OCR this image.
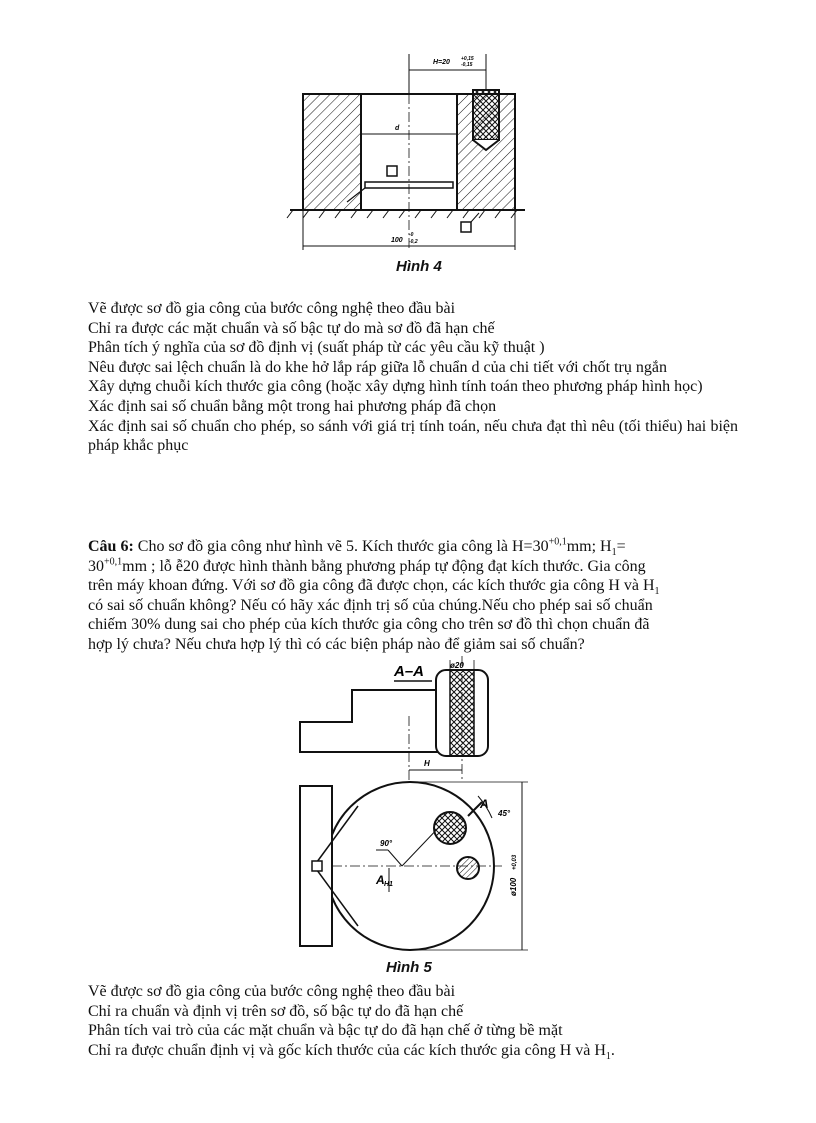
H=20 +0,15
-0,15
d
100
-0
-0,2
Hình 4
Vẽ được sơ đồ gia công của bước công nghệ theo đầu bài
Chỉ ra được các mặt chuẩn và số bậc tự do mà sơ đồ đã hạn chế
Phân tích ý nghĩa của sơ đồ định vị (suất pháp từ các yêu cầu kỹ thuật )
Nêu được sai lệch chuẩn là do khe hở lắp ráp giữa lỗ chuẩn d của chi tiết với chốt trụ ngắn
Xây dựng chuỗi kích thước gia công (hoặc xây dựng hình tính toán theo phương pháp hình học)
Xác định sai số chuẩn bằng một trong hai phương pháp đã chọn
Xác định sai số chuẩn cho phép, so sánh với giá trị tính toán, nếu chưa đạt thì nêu (tối thiểu) hai biện pháp khắc phục
Câu 6: Cho sơ đồ gia công như hình vẽ 5. Kích thước gia công là $H=30^{+0,1}mm$; $H_1=$
$30^{+0,1}mm$ ; lỗ ễ20 được hình thành bằng phương pháp tự động đạt kích thước. Gia công
trên máy khoan đứng. Với sơ đồ gia công đã được chọn, các kích thước gia công H và $H_1$
có sai số chuẩn không? Nếu có hãy xác định trị số của chúng.Nếu cho phép sai số chuẩn
chiếm 30% dung sai cho phép của kích thước gia công cho trên sơ đồ thì chọn chuẩn đã
hợp lý chưa? Nếu chưa hợp lý thì có các biện pháp nào để giảm sai số chuẩn?
A–A	ø20
H
90°
H1
A
A
45°
ø100
+0,03
Hình 5
Vẽ được sơ đồ gia công của bước công nghệ theo đầu bài
Chỉ ra chuẩn và định vị trên sơ đồ, số bậc tự do đã hạn chế
Phân tích vai trò của các mặt chuẩn và bậc tự do đã hạn chế ở từng bề mặt
Chỉ ra được chuẩn định vị và gốc kích thước của các kích thước gia công H và $H_1$.
